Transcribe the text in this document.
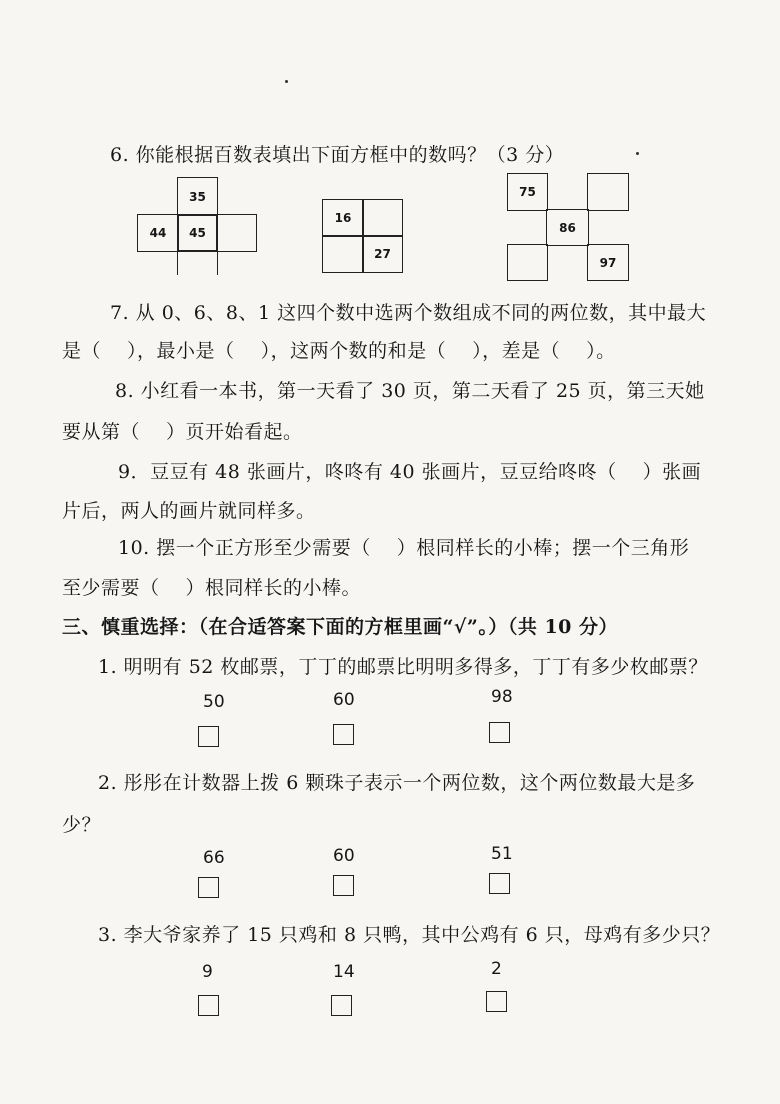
6. 你能根据百数表填出下面方框中的数吗？（3 分）
35
44	45
16
27
75
86
97
7. 从 0、6、8、1 这四个数中选两个数组成不同的两位数，其中最大
是（　 ），最小是（　 ），这两个数的和是（　 ），差是（　 ）。
8. 小红看一本书，第一天看了 30 页，第二天看了 25 页，第三天她
要从第（　 ）页开始看起。
9．豆豆有 48 张画片，咚咚有 40 张画片，豆豆给咚咚（　 ）张画
片后，两人的画片就同样多。
10. 摆一个正方形至少需要（　 ）根同样长的小棒；摆一个三角形
至少需要（　 ）根同样长的小棒。
三、慎重选择：（在合适答案下面的方框里画“√”。）（共 10 分）
1. 明明有 52 枚邮票，丁丁的邮票比明明多得多，丁丁有多少枚邮票？
50	60	98
2. 彤彤在计数器上拨 6 颗珠子表示一个两位数，这个两位数最大是多
少？
66	60	51
3. 李大爷家养了 15 只鸡和 8 只鸭，其中公鸡有 6 只，母鸡有多少只？
9	14	2
